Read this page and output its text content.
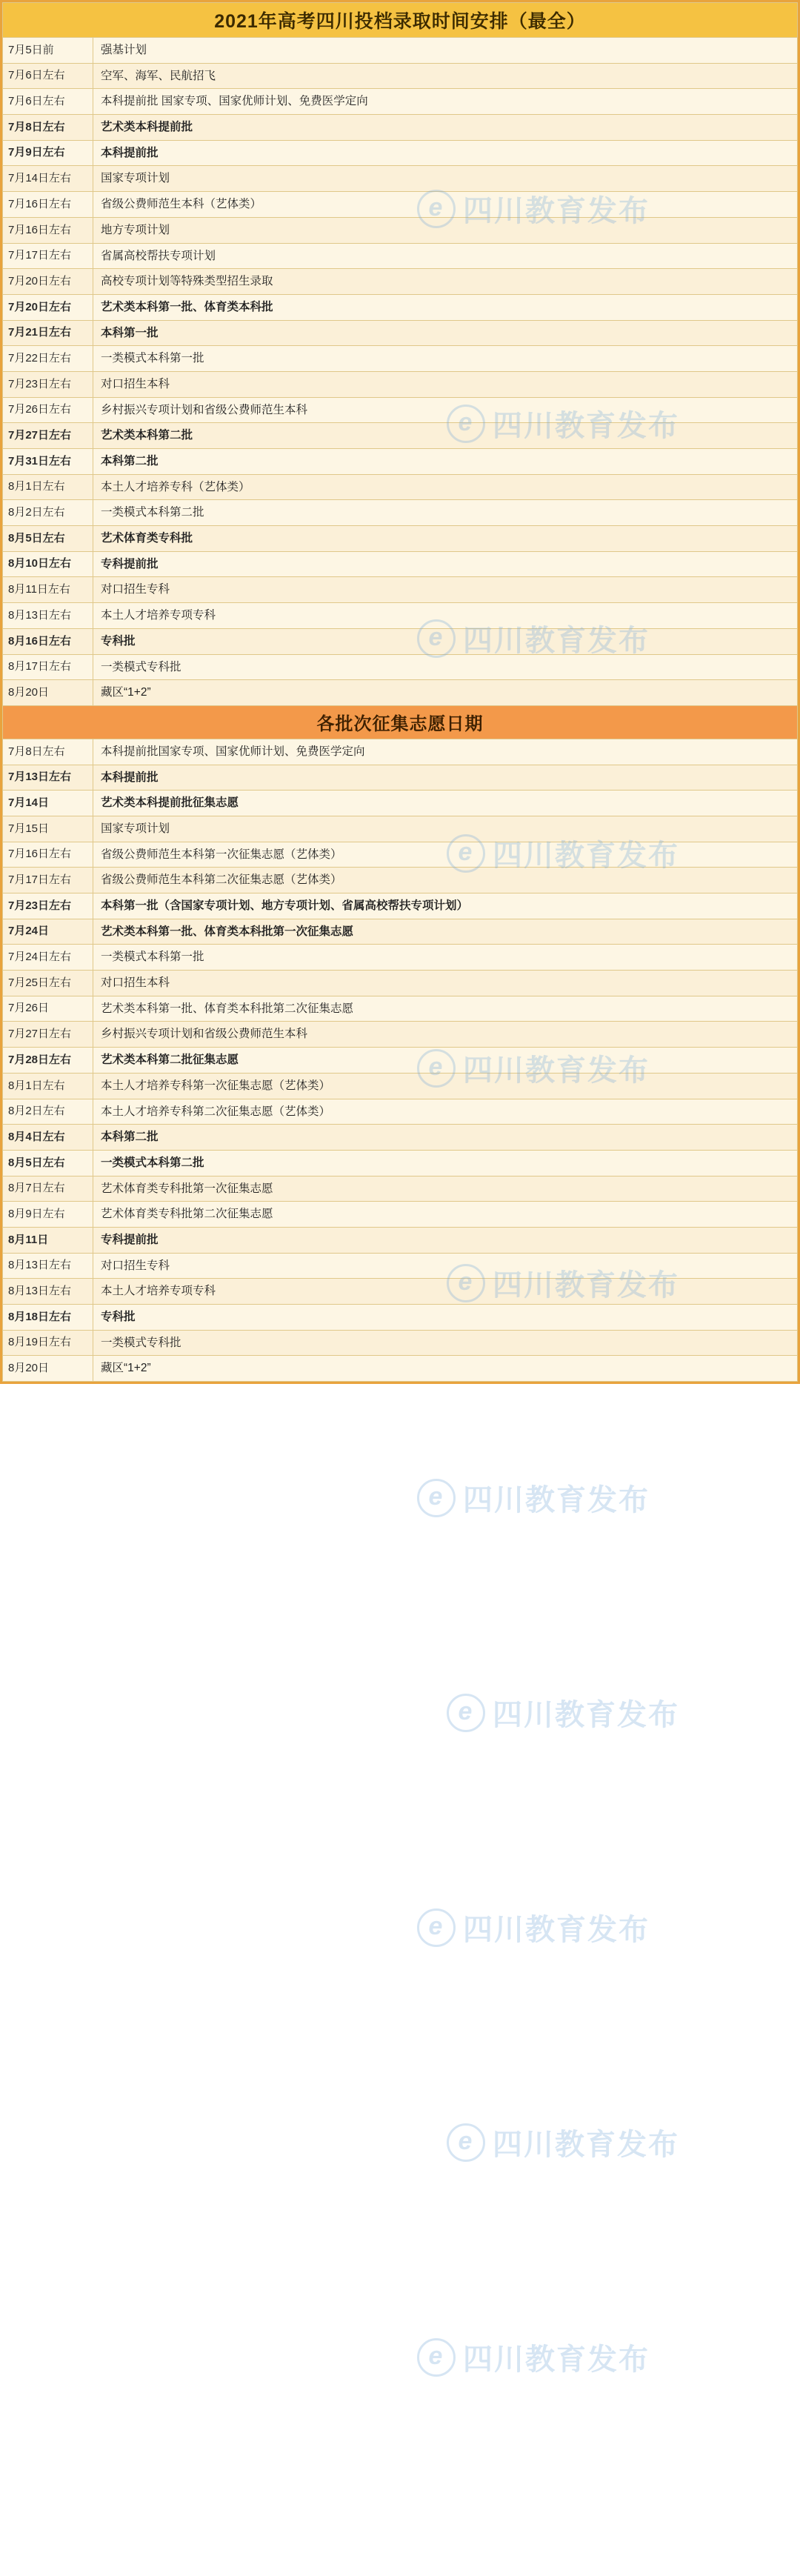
e 四川教育发布
e 四川教育发布
e 四川教育发布
e 四川教育发布
e 四川教育发布
e 四川教育发布
e 四川教育发布
e 四川教育发布
e 四川教育发布
e 四川教育发布
e 四川教育发布
2021年高考四川投档录取时间安排（最全）	
7月5日前	强基计划
7月6日左右	空军、海军、民航招飞
7月6日左右	本科提前批 国家专项、国家优师计划、免费医学定向
7月8日左右	艺术类本科提前批
7月9日左右	本科提前批
7月14日左右	国家专项计划
7月16日左右	省级公费师范生本科（艺体类）
7月16日左右	地方专项计划
7月17日左右	省属高校帮扶专项计划
7月20日左右	高校专项计划等特殊类型招生录取
7月20日左右	艺术类本科第一批、体育类本科批
7月21日左右	本科第一批
7月22日左右	一类模式本科第一批
7月23日左右	对口招生本科
7月26日左右	乡村振兴专项计划和省级公费师范生本科
7月27日左右	艺术类本科第二批
7月31日左右	本科第二批
8月1日左右	本土人才培养专科（艺体类）
8月2日左右	一类模式本科第二批
8月5日左右	艺术体育类专科批
8月10日左右	专科提前批
8月11日左右	对口招生专科
8月13日左右	本土人才培养专项专科
8月16日左右	专科批
8月17日左右	一类模式专科批
8月20日	藏区“1+2”
各批次征集志愿日期	
7月8日左右	本科提前批国家专项、国家优师计划、免费医学定向
7月13日左右	本科提前批
7月14日	艺术类本科提前批征集志愿
7月15日	国家专项计划
7月16日左右	省级公费师范生本科第一次征集志愿（艺体类）
7月17日左右	省级公费师范生本科第二次征集志愿（艺体类）
7月23日左右	本科第一批（含国家专项计划、地方专项计划、省属高校帮扶专项计划）
7月24日	艺术类本科第一批、体育类本科批第一次征集志愿
7月24日左右	一类模式本科第一批
7月25日左右	对口招生本科
7月26日	艺术类本科第一批、体育类本科批第二次征集志愿
7月27日左右	乡村振兴专项计划和省级公费师范生本科
7月28日左右	艺术类本科第二批征集志愿
8月1日左右	本土人才培养专科第一次征集志愿（艺体类）
8月2日左右	本土人才培养专科第二次征集志愿（艺体类）
8月4日左右	本科第二批
8月5日左右	一类模式本科第二批
8月7日左右	艺术体育类专科批第一次征集志愿
8月9日左右	艺术体育类专科批第二次征集志愿
8月11日	专科提前批
8月13日左右	对口招生专科
8月13日左右	本土人才培养专项专科
8月18日左右	专科批
8月19日左右	一类模式专科批
8月20日	藏区“1+2”
